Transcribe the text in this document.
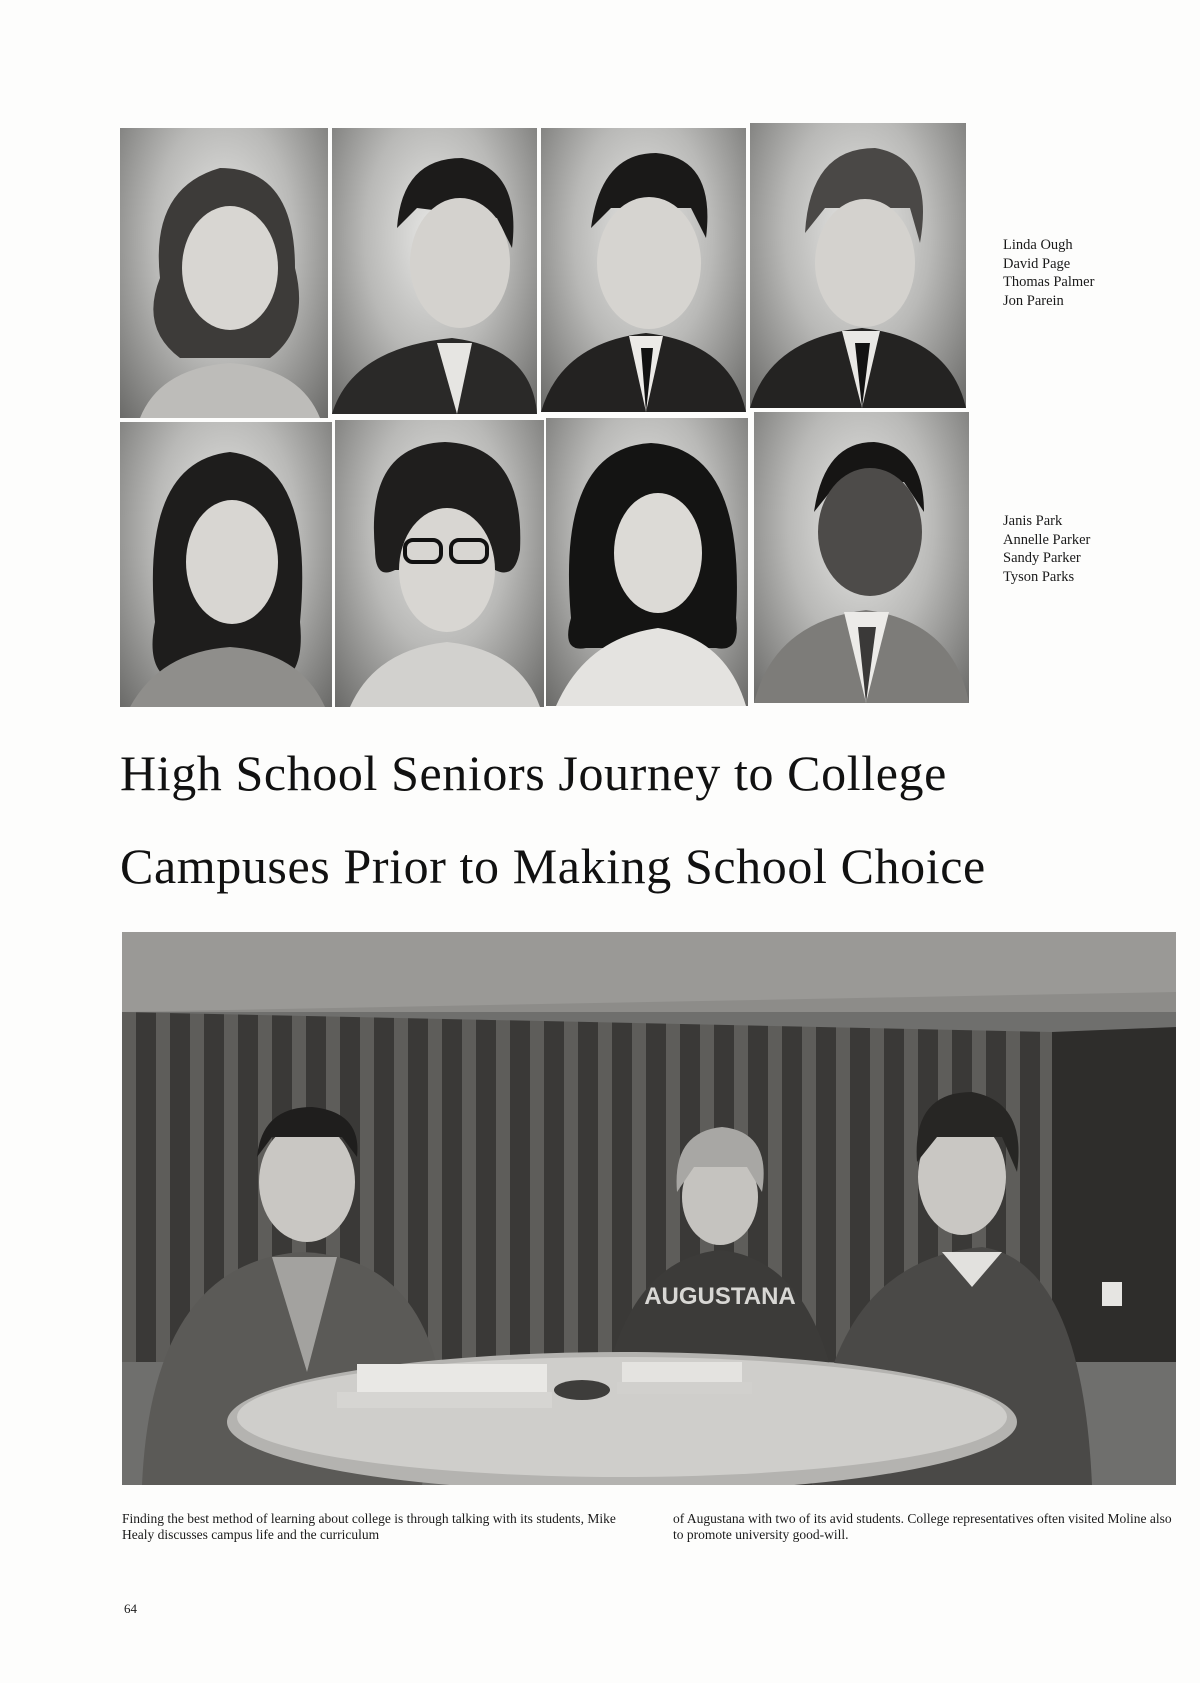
Linda Ough
David Page
Thomas Palmer
Jon Parein
Janis Park
Annelle Parker
Sandy Parker
Tyson Parks
High School Seniors Journey to College
Campuses Prior to Making School Choice
AUGUSTANA

Finding the best method of learning about college is through talking with its students, Mike Healy discusses campus life and the curriculum

of Augustana with two of its avid students. College representatives often visited Moline also to promote university good-will.

64
